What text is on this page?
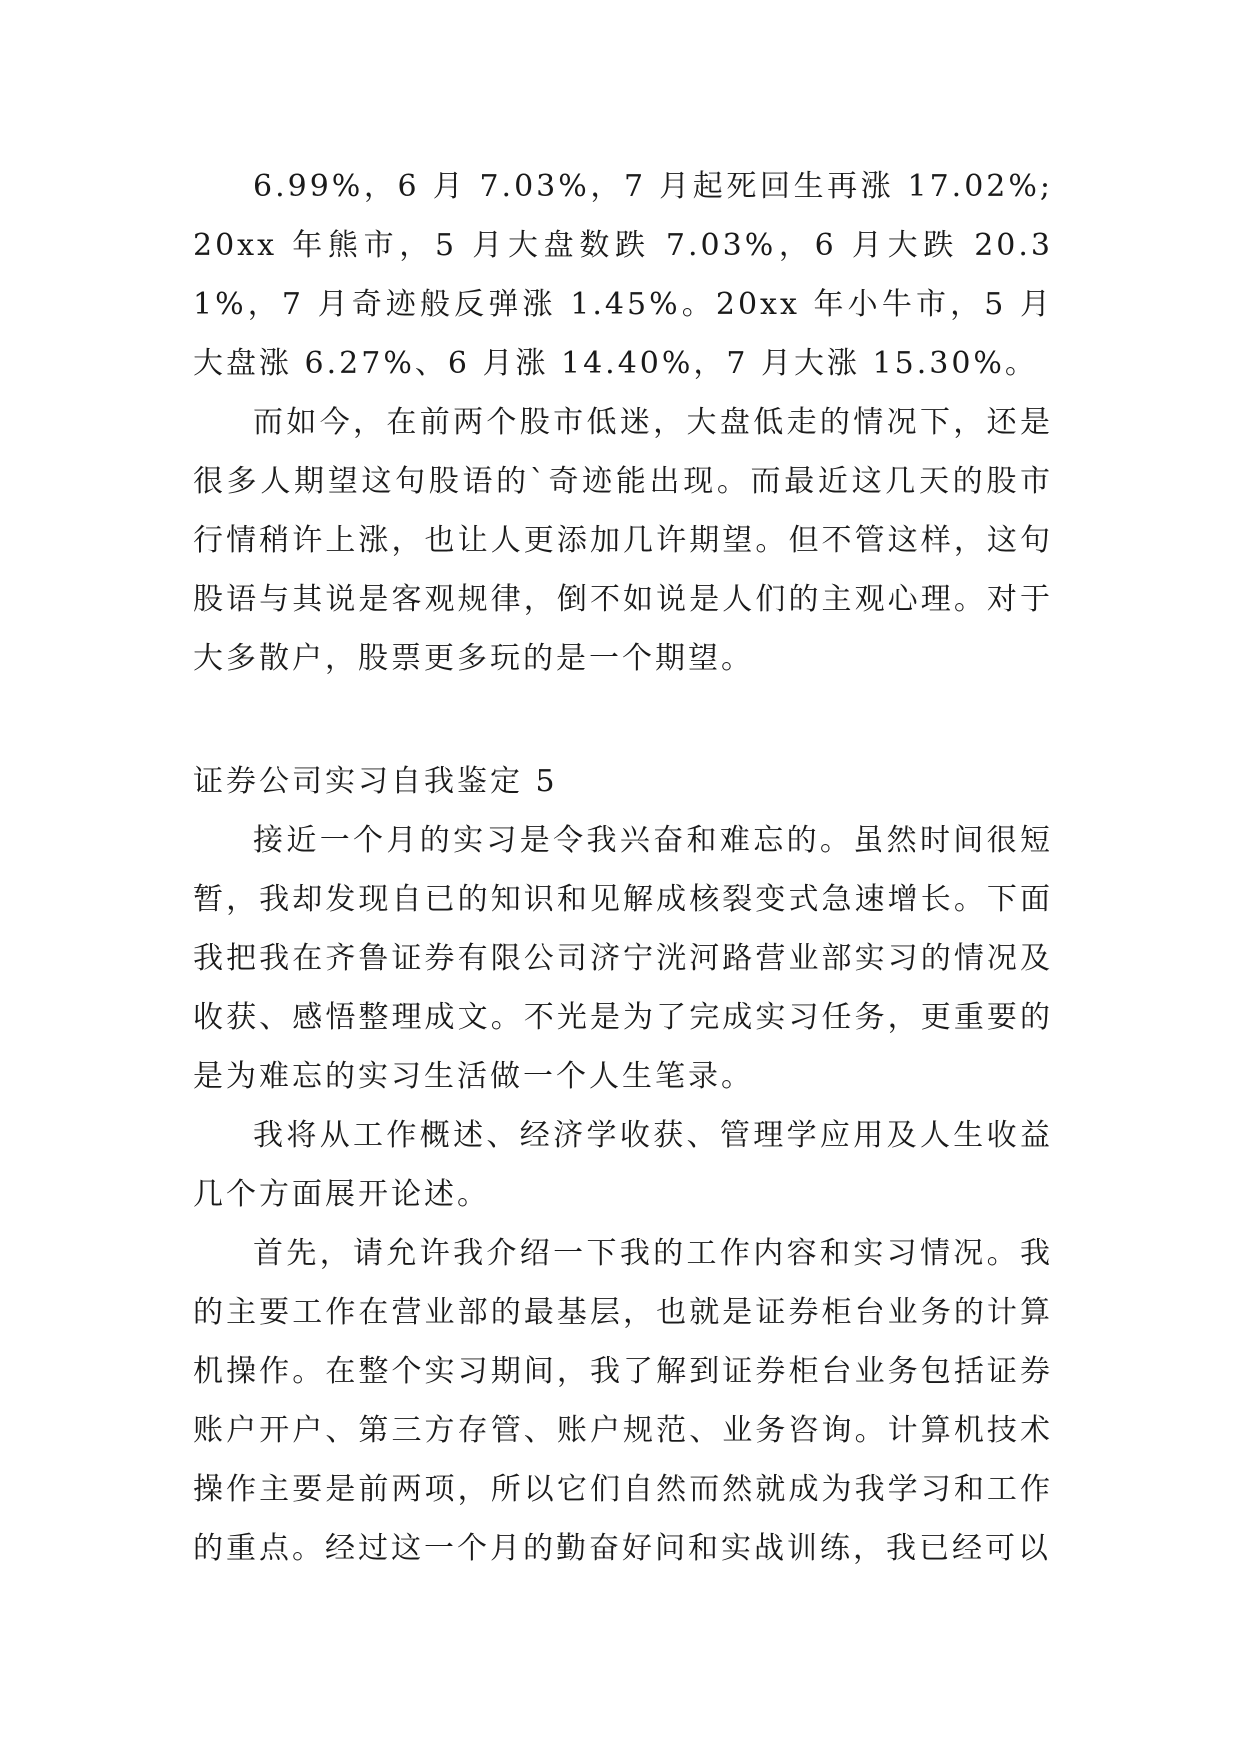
6.99%，6 月 7.03%，7 月起死回生再涨 17.02%;20xx 年熊市，5 月大盘数跌 7.03%，6 月大跌 20.31%，7 月奇迹般反弹涨 1.45%。20xx 年小牛市，5 月大盘涨 6.27%、6 月涨 14.40%，7 月大涨 15.30%。

而如今，在前两个股市低迷，大盘低走的情况下，还是很多人期望这句股语的`奇迹能出现。而最近这几天的股市行情稍许上涨，也让人更添加几许期望。但不管这样，这句股语与其说是客观规律，倒不如说是人们的主观心理。对于大多散户，股票更多玩的是一个期望。

证券公司实习自我鉴定 5

接近一个月的实习是令我兴奋和难忘的。虽然时间很短暂，我却发现自已的知识和见解成核裂变式急速增长。下面我把我在齐鲁证券有限公司济宁洸河路营业部实习的情况及收获、感悟整理成文。不光是为了完成实习任务，更重要的是为难忘的实习生活做一个人生笔录。

我将从工作概述、经济学收获、管理学应用及人生收益几个方面展开论述。

首先，请允许我介绍一下我的工作内容和实习情况。我的主要工作在营业部的最基层，也就是证券柜台业务的计算机操作。在整个实习期间，我了解到证券柜台业务包括证券账户开户、第三方存管、账户规范、业务咨询。计算机技术操作主要是前两项，所以它们自然而然就成为我学习和工作的重点。经过这一个月的勤奋好问和实战训练，我已经可以
